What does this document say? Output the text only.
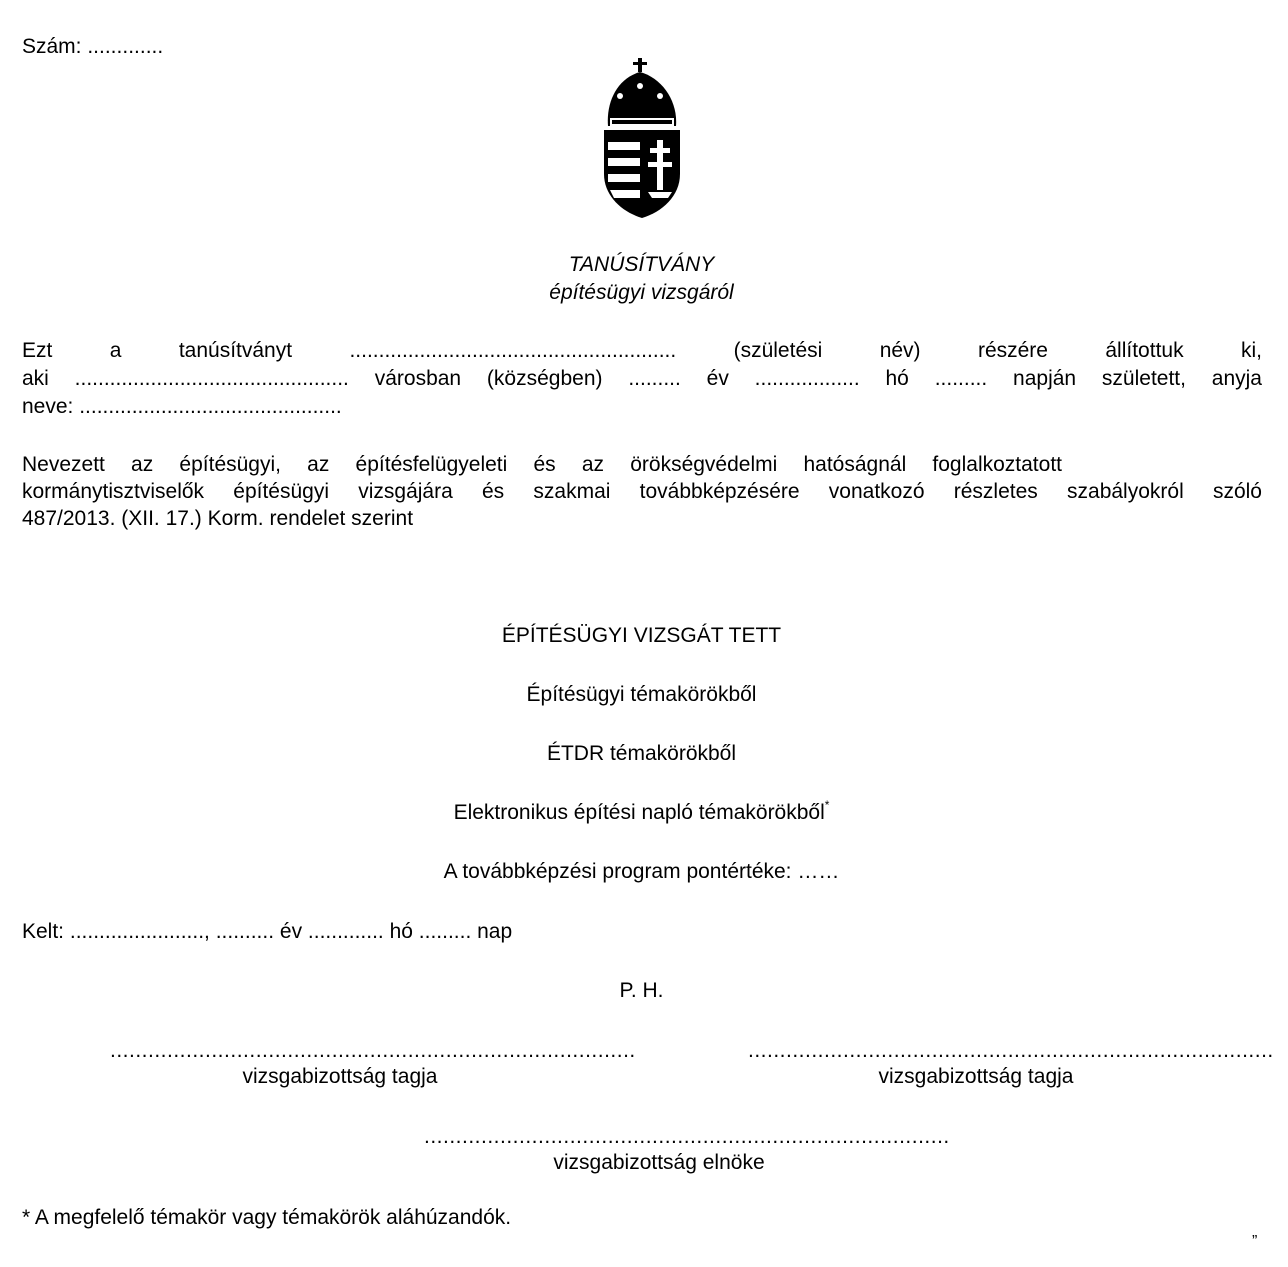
Szám: .............
TANÚSÍTVÁNY
építésügyi vizsgáról
Ezt a tanúsítványt ........................................................ (születési név) részére állítottuk ki,
aki ............................................... városban (községben) ......... év .................. hó ......... napján született, anyja
neve: .............................................
Nevezett az építésügyi, az építésfelügyeleti és az örökségvédelmi hatóságnál foglalkoztatott
kormánytisztviselők építésügyi vizsgájára és szakmai továbbképzésére vonatkozó részletes szabályokról szóló
487/2013. (XII. 17.) Korm. rendelet szerint
ÉPÍTÉSÜGYI VIZSGÁT TETT
Építésügyi témakörökből
ÉTDR témakörökből
Elektronikus építési napló témakörökből*
A továbbképzési program pontértéke: ……
Kelt: ......................., .......... év ............. hó ......... nap
P. H.
...................................................................................
vizsgabizottság tagja
...................................................................................
vizsgabizottság tagja
...................................................................................
vizsgabizottság elnöke
* A megfelelő témakör vagy témakörök aláhúzandók.
”
